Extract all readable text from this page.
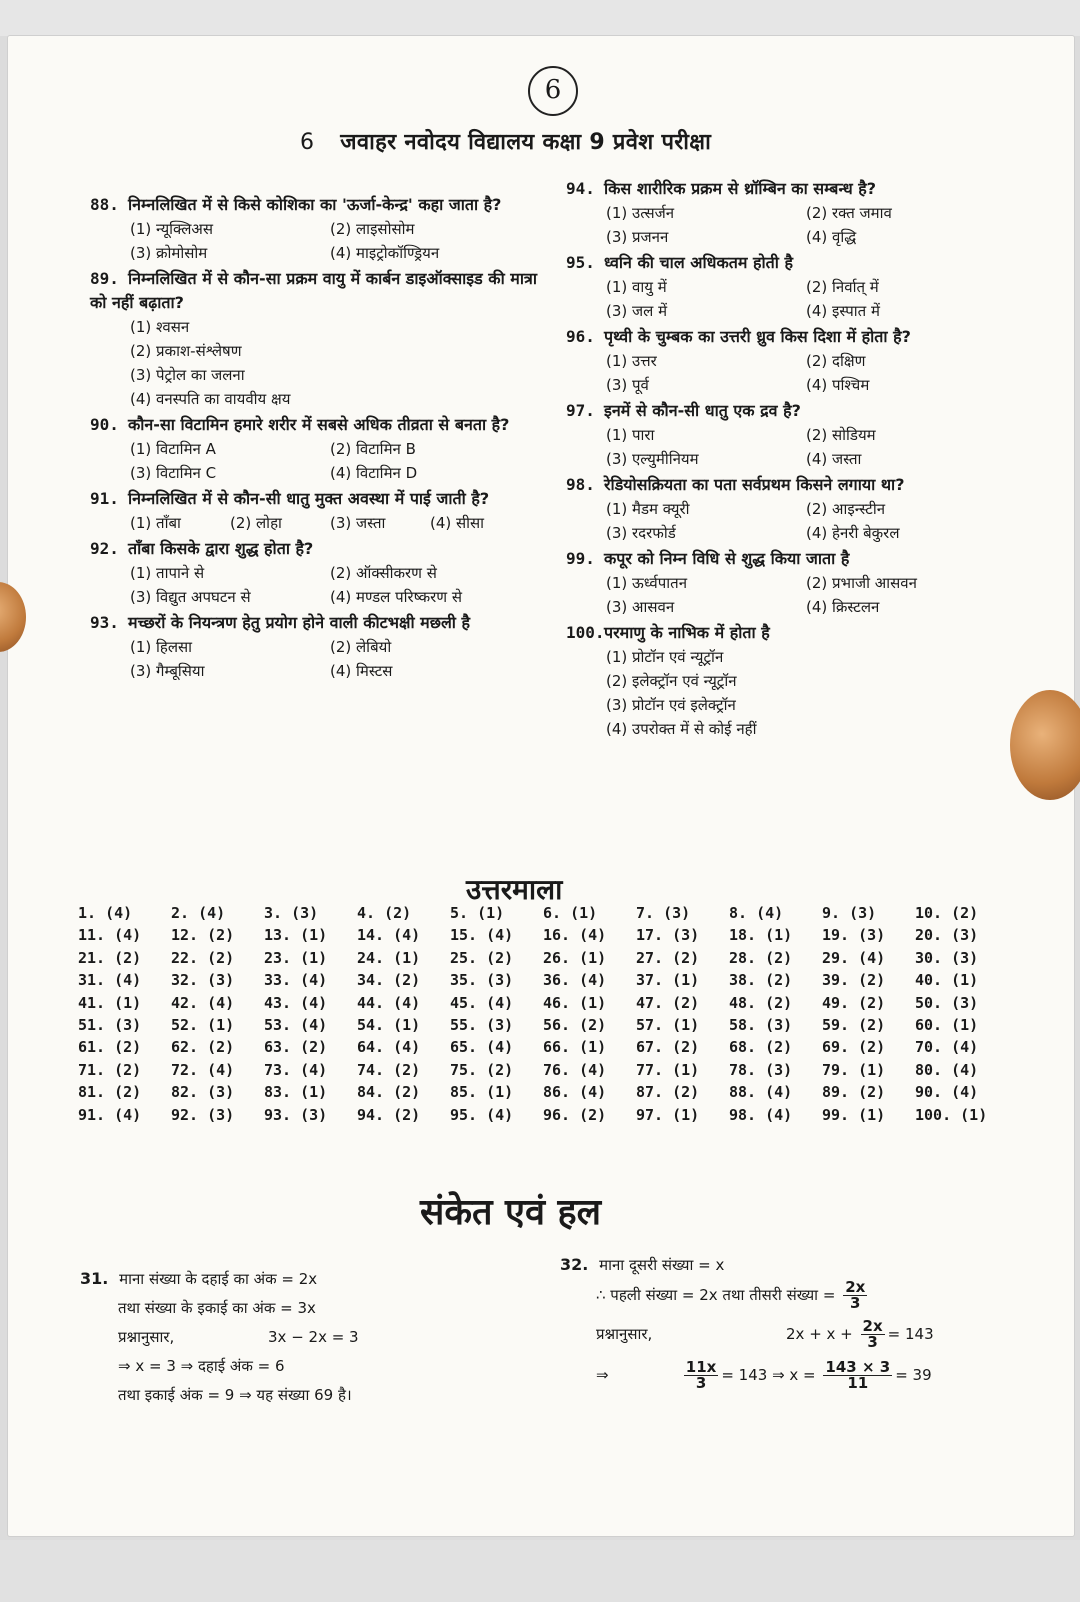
6
6 जवाहर नवोदय विद्यालय कक्षा 9 प्रवेश परीक्षा
88. निम्नलिखित में से किसे कोशिका का 'ऊर्जा-केन्द्र' कहा जाता है?
(1) न्यूक्लिअस	(2) लाइसोसोम
(3) क्रोमोसोम	(4) माइट्रोकॉण्ड्रियन
89. निम्नलिखित में से कौन-सा प्रक्रम वायु में कार्बन डाइऑक्साइड की मात्रा को नहीं बढ़ाता?
(1) श्वसन
(2) प्रकाश-संश्लेषण
(3) पेट्रोल का जलना
(4) वनस्पति का वायवीय क्षय
90. कौन-सा विटामिन हमारे शरीर में सबसे अधिक तीव्रता से बनता है?
(1) विटामिन A	(2) विटामिन B
(3) विटामिन C	(4) विटामिन D
91. निम्नलिखित में से कौन-सी धातु मुक्त अवस्था में पाई जाती है?
(1) ताँबा	(2) लोहा	(3) जस्ता	(4) सीसा
92. ताँबा किसके द्वारा शुद्ध होता है?
(1) तापाने से	(2) ऑक्सीकरण से
(3) विद्युत अपघटन से	(4) मण्डल परिष्करण से
93. मच्छरों के नियन्त्रण हेतु प्रयोग होने वाली कीटभक्षी मछली है
(1) हिलसा	(2) लेबियो
(3) गैम्बूसिया	(4) मिस्टस
94. किस शारीरिक प्रक्रम से थ्रॉम्बिन का सम्बन्ध है?
(1) उत्सर्जन	(2) रक्त जमाव
(3) प्रजनन	(4) वृद्धि
95. ध्वनि की चाल अधिकतम होती है
(1) वायु में	(2) निर्वात् में
(3) जल में	(4) इस्पात में
96. पृथ्वी के चुम्बक का उत्तरी ध्रुव किस दिशा में होता है?
(1) उत्तर	(2) दक्षिण
(3) पूर्व	(4) पश्चिम
97. इनमें से कौन-सी धातु एक द्रव है?
(1) पारा	(2) सोडियम
(3) एल्युमीनियम	(4) जस्ता
98. रेडियोसक्रियता का पता सर्वप्रथम किसने लगाया था?
(1) मैडम क्यूरी	(2) आइन्स्टीन
(3) रदरफोर्ड	(4) हेनरी बेकुरल
99. कपूर को निम्न विधि से शुद्ध किया जाता है
(1) ऊर्ध्वपातन	(2) प्रभाजी आसवन
(3) आसवन	(4) क्रिस्टलन
100.परमाणु के नाभिक में होता है
(1) प्रोटॉन एवं न्यूट्रॉन
(2) इलेक्ट्रॉन एवं न्यूट्रॉन
(3) प्रोटॉन एवं इलेक्ट्रॉन
(4) उपरोक्त में से कोई नहीं
उत्तरमाला
1. (4)	2. (4)	3. (3)	4. (2)	5. (1)	6. (1)	7. (3)	8. (4)	9. (3)	10. (2)
11. (4)	12. (2)	13. (1)	14. (4)	15. (4)	16. (4)	17. (3)	18. (1)	19. (3)	20. (3)
21. (2)	22. (2)	23. (1)	24. (1)	25. (2)	26. (1)	27. (2)	28. (2)	29. (4)	30. (3)
31. (4)	32. (3)	33. (4)	34. (2)	35. (3)	36. (4)	37. (1)	38. (2)	39. (2)	40. (1)
41. (1)	42. (4)	43. (4)	44. (4)	45. (4)	46. (1)	47. (2)	48. (2)	49. (2)	50. (3)
51. (3)	52. (1)	53. (4)	54. (1)	55. (3)	56. (2)	57. (1)	58. (3)	59. (2)	60. (1)
61. (2)	62. (2)	63. (2)	64. (4)	65. (4)	66. (1)	67. (2)	68. (2)	69. (2)	70. (4)
71. (2)	72. (4)	73. (4)	74. (2)	75. (2)	76. (4)	77. (1)	78. (3)	79. (1)	80. (4)
81. (2)	82. (3)	83. (1)	84. (2)	85. (1)	86. (4)	87. (2)	88. (4)	89. (2)	90. (4)
91. (4)	92. (3)	93. (3)	94. (2)	95. (4)	96. (2)	97. (1)	98. (4)	99. (1)	100. (1)
संकेत एवं हल
31. माना संख्या के दहाई का अंक = 2x
तथा संख्या के इकाई का अंक = 3x
प्रश्नानुसार,	3x − 2x = 3
⇒ x = 3 ⇒ दहाई अंक = 6
तथा इकाई अंक = 9 ⇒ यह संख्या 69 है।
32. माना दूसरी संख्या = x
∴ पहली संख्या = 2x तथा तीसरी संख्या = $\frac{2x}{3}$
प्रश्नानुसार,	$2x + x + \frac{2x}{3} = 143$
⇒	$\frac{11x}{3} = 143$ ⇒ $x = \frac{143 \times 3}{11} = 39$
